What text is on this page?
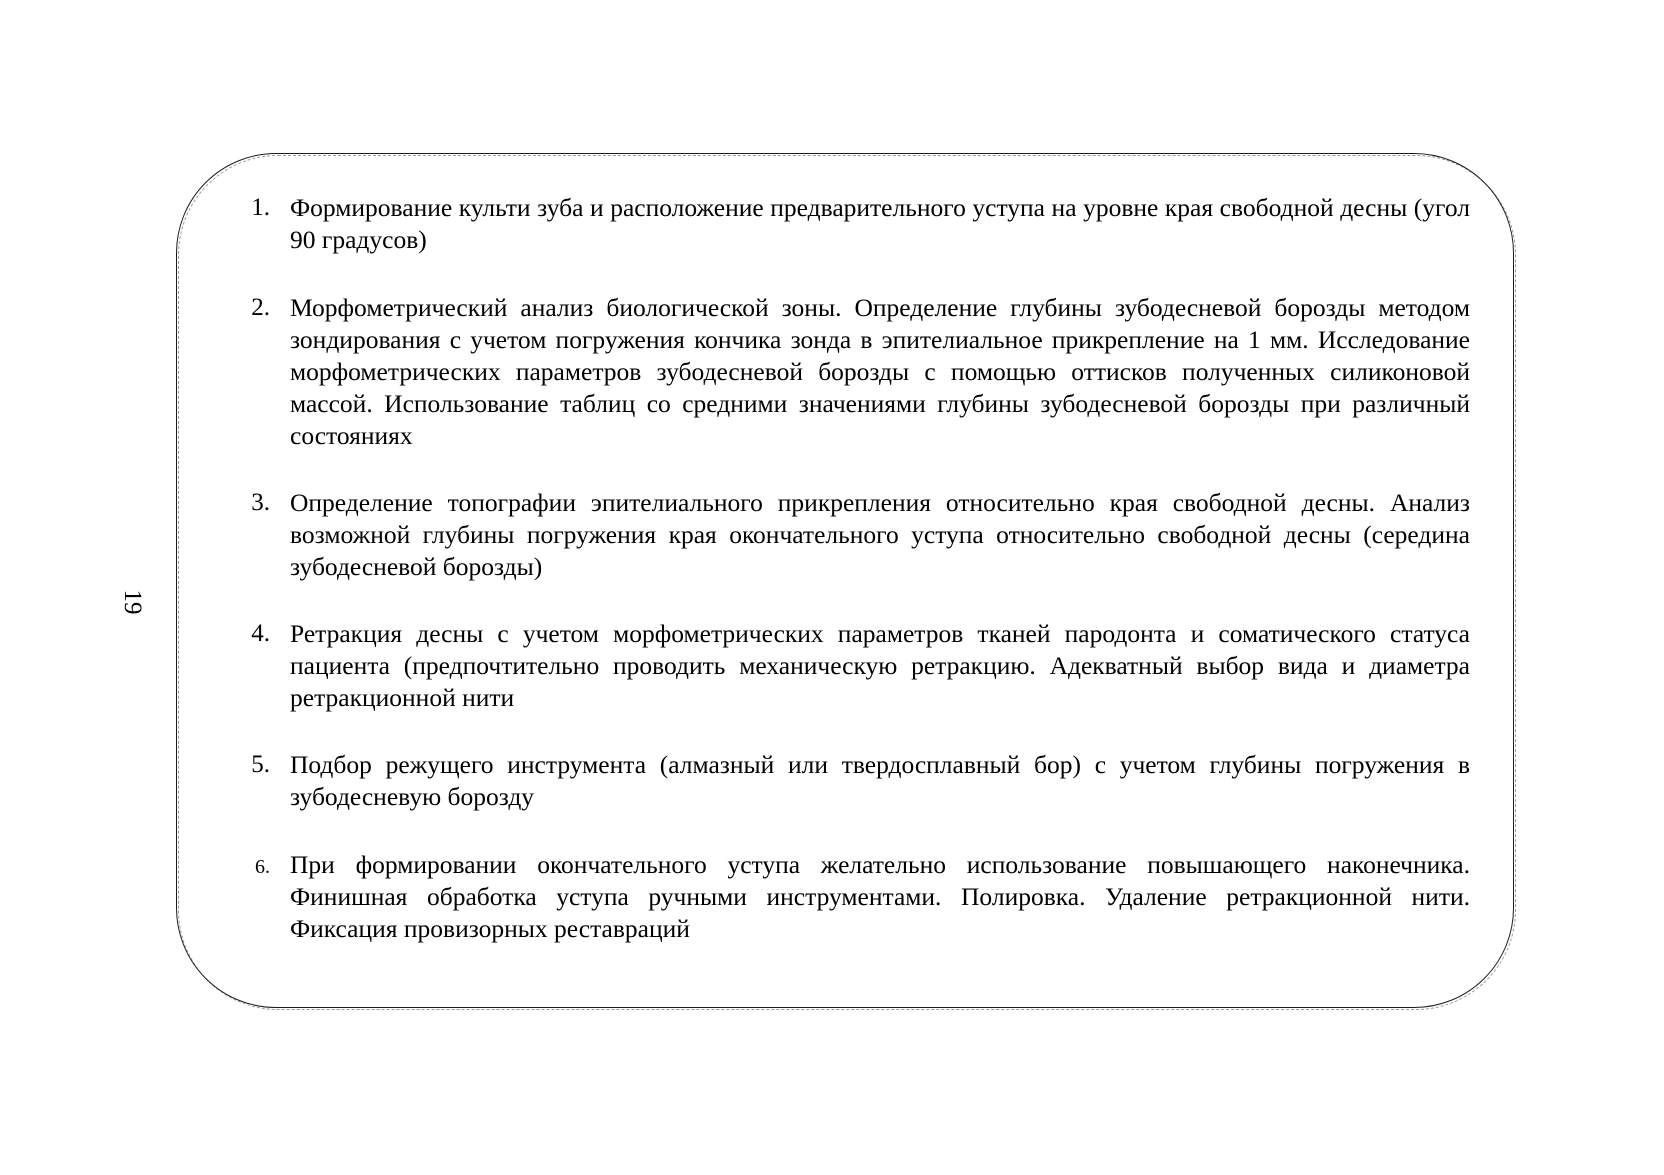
19
1. Формирование культи зуба и расположение предварительного уступа на уровне края свободной десны (угол 90 градусов)
2. Морфометрический анализ биологической зоны. Определение глубины зубодесневой борозды методом зондирования с учетом погружения кончика зонда в эпителиальное прикрепление на 1 мм. Исследование морфометрических параметров зубодесневой борозды с помощью оттисков полученных силиконовой массой. Использование таблиц со средними значениями глубины зубодесневой борозды при различный состояниях
3. Определение топографии эпителиального прикрепления относительно края свободной десны. Анализ возможной глубины погружения края окончательного уступа относительно свободной десны (середина зубодесневой борозды)
4. Ретракция десны с учетом морфометрических параметров тканей пародонта и соматического статуса пациента (предпочтительно проводить механическую ретракцию. Адекватный выбор вида и диаметра ретракционной нити
5. Подбор режущего инструмента (алмазный или твердосплавный бор) с учетом глубины погружения в зубодесневую борозду
6. При формировании окончательного уступа желательно использование повышающего наконечника. Финишная обработка уступа ручными инструментами. Полировка. Удаление ретракционной нити. Фиксация провизорных реставраций
